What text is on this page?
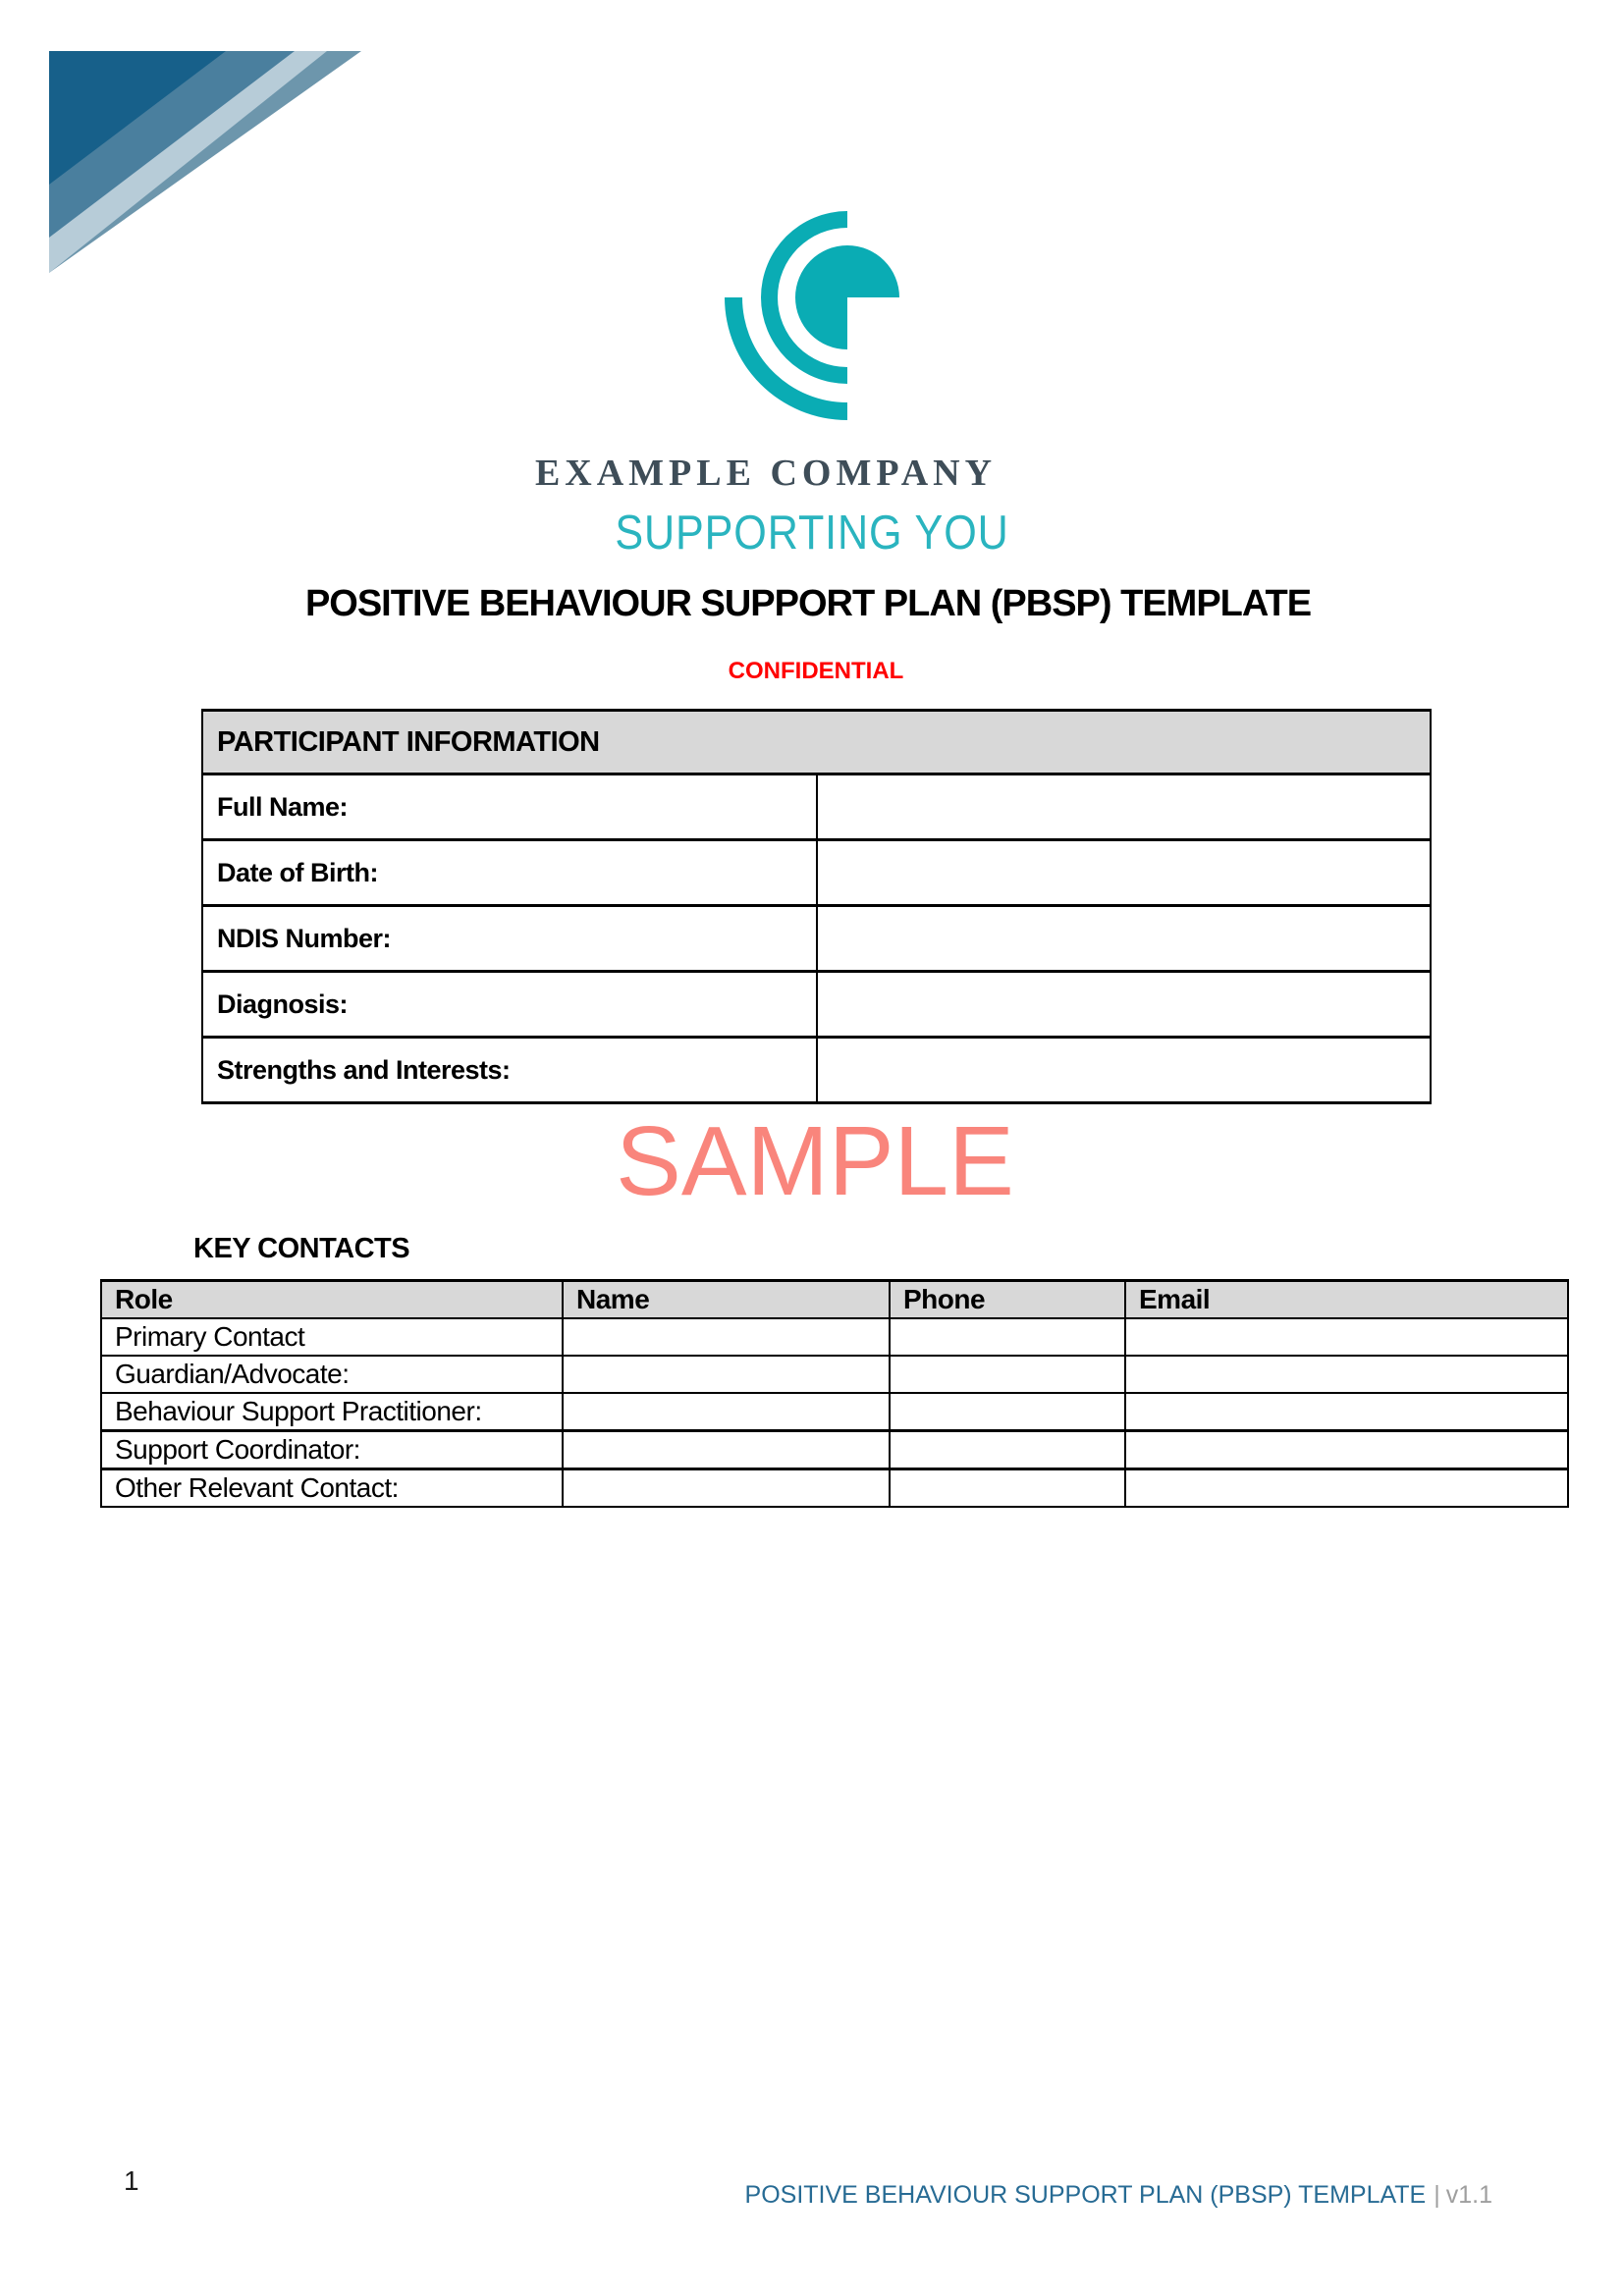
EXAMPLE COMPANY
SUPPORTING YOU
POSITIVE BEHAVIOUR SUPPORT PLAN (PBSP) TEMPLATE
CONFIDENTIAL
PARTICIPANT INFORMATION	
Full Name:	
Date of Birth:	
NDIS Number:	
Diagnosis:	
Strengths and Interests:	
SAMPLE
KEY CONTACTS
Role	Name	Phone	Email
Primary Contact			
Guardian/Advocate:			
Behaviour Support Practitioner:			
Support Coordinator:			
Other Relevant Contact:			
1	POSITIVE BEHAVIOUR SUPPORT PLAN (PBSP) TEMPLATE | v1.1
